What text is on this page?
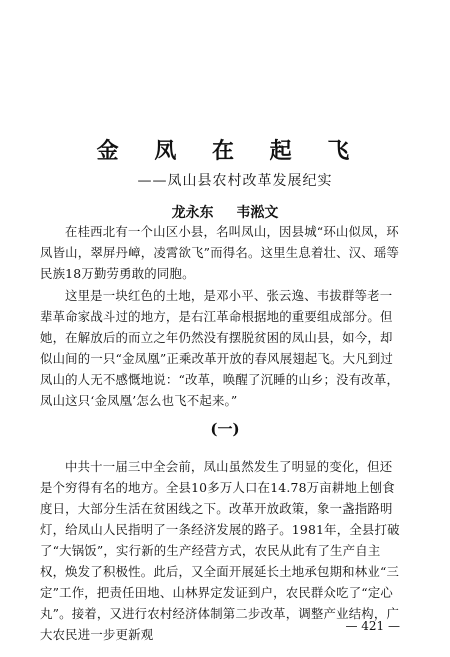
金 凤 在 起 飞
——凤山县农村改革发展纪实
龙永东 韦淞文

在桂西北有一个山区小县，名叫凤山，因县城“环山似凤，环凤皆山，翠屏丹嶂，凌霄欲飞”而得名。这里生息着壮、汉、瑶等民族18万勤劳勇敢的同胞。

这里是一块红色的土地，是邓小平、张云逸、韦拔群等老一辈革命家战斗过的地方，是右江革命根据地的重要组成部分。但她，在解放后的而立之年仍然没有摆脱贫困的凤山县，如今，却似山间的一只“金凤凰”正乘改革开放的春风展翅起飞。大凡到过凤山的人无不感慨地说：“改革，唤醒了沉睡的山乡；没有改革，凤山这只‘金凤凰’怎么也飞不起来。”

(一)

中共十一届三中全会前，凤山虽然发生了明显的变化，但还是个穷得有名的地方。全县10多万人口在14.78万亩耕地上刨食度日，大部分生活在贫困线之下。改革开放政策，象一盏指路明灯，给凤山人民指明了一条经济发展的路子。1981年，全县打破了“大锅饭”，实行新的生产经营方式，农民从此有了生产自主权，焕发了积极性。此后，又全面开展延长土地承包期和林业“三定”工作，把责任田地、山林界定发证到户，农民群众吃了“定心丸”。接着，又进行农村经济体制第二步改革，调整产业结构，广大农民进一步更新观

— 421 —
